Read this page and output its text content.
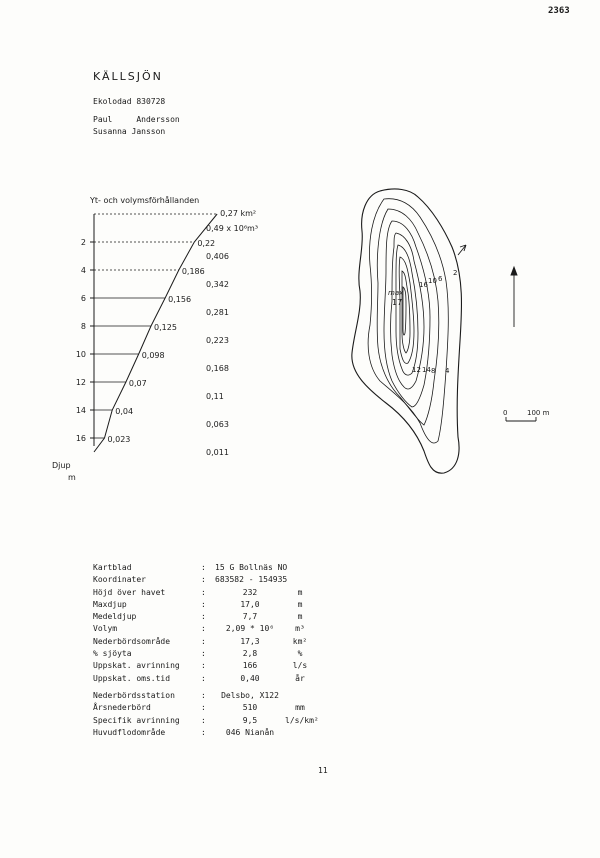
2363
KÄLLSJÖN
Ekolodad 830728
Paul     Andersson
Susanna Jansson
Yt- och volymsförhållanden
2
4
6
8
10
12
14
16
0,27 km²
0,22
0,186
0,156
0,125
0,098
0,07
0,04
0,023
0,49 x 10⁶m³
0,406
0,342
0,281
0,223
0,168
0,11
0,063
0,011
Djup
m
2
4
6
8
10
12 14
16
max
17
0	100 m
Kartblad	:	15 G Bollnäs NO
Koordinater	:	683582 - 154935
Höjd över havet	:	232	m
Maxdjup	:	17,0	m
Medeldjup	:	7,7	m
Volym	:	2,09 * 10⁶	m³
Nederbördsområde	:	17,3	km²
% sjöyta	:	2,8	%
Uppskat. avrinning	:	166	l/s
Uppskat. oms.tid	:	0,40	år
Nederbördsstation	:	Delsbo, X122
Årsnederbörd	:	510	mm
Specifik avrinning	:	9,5	l/s/km²
Huvudflodområde	:	046 Nianån
11
